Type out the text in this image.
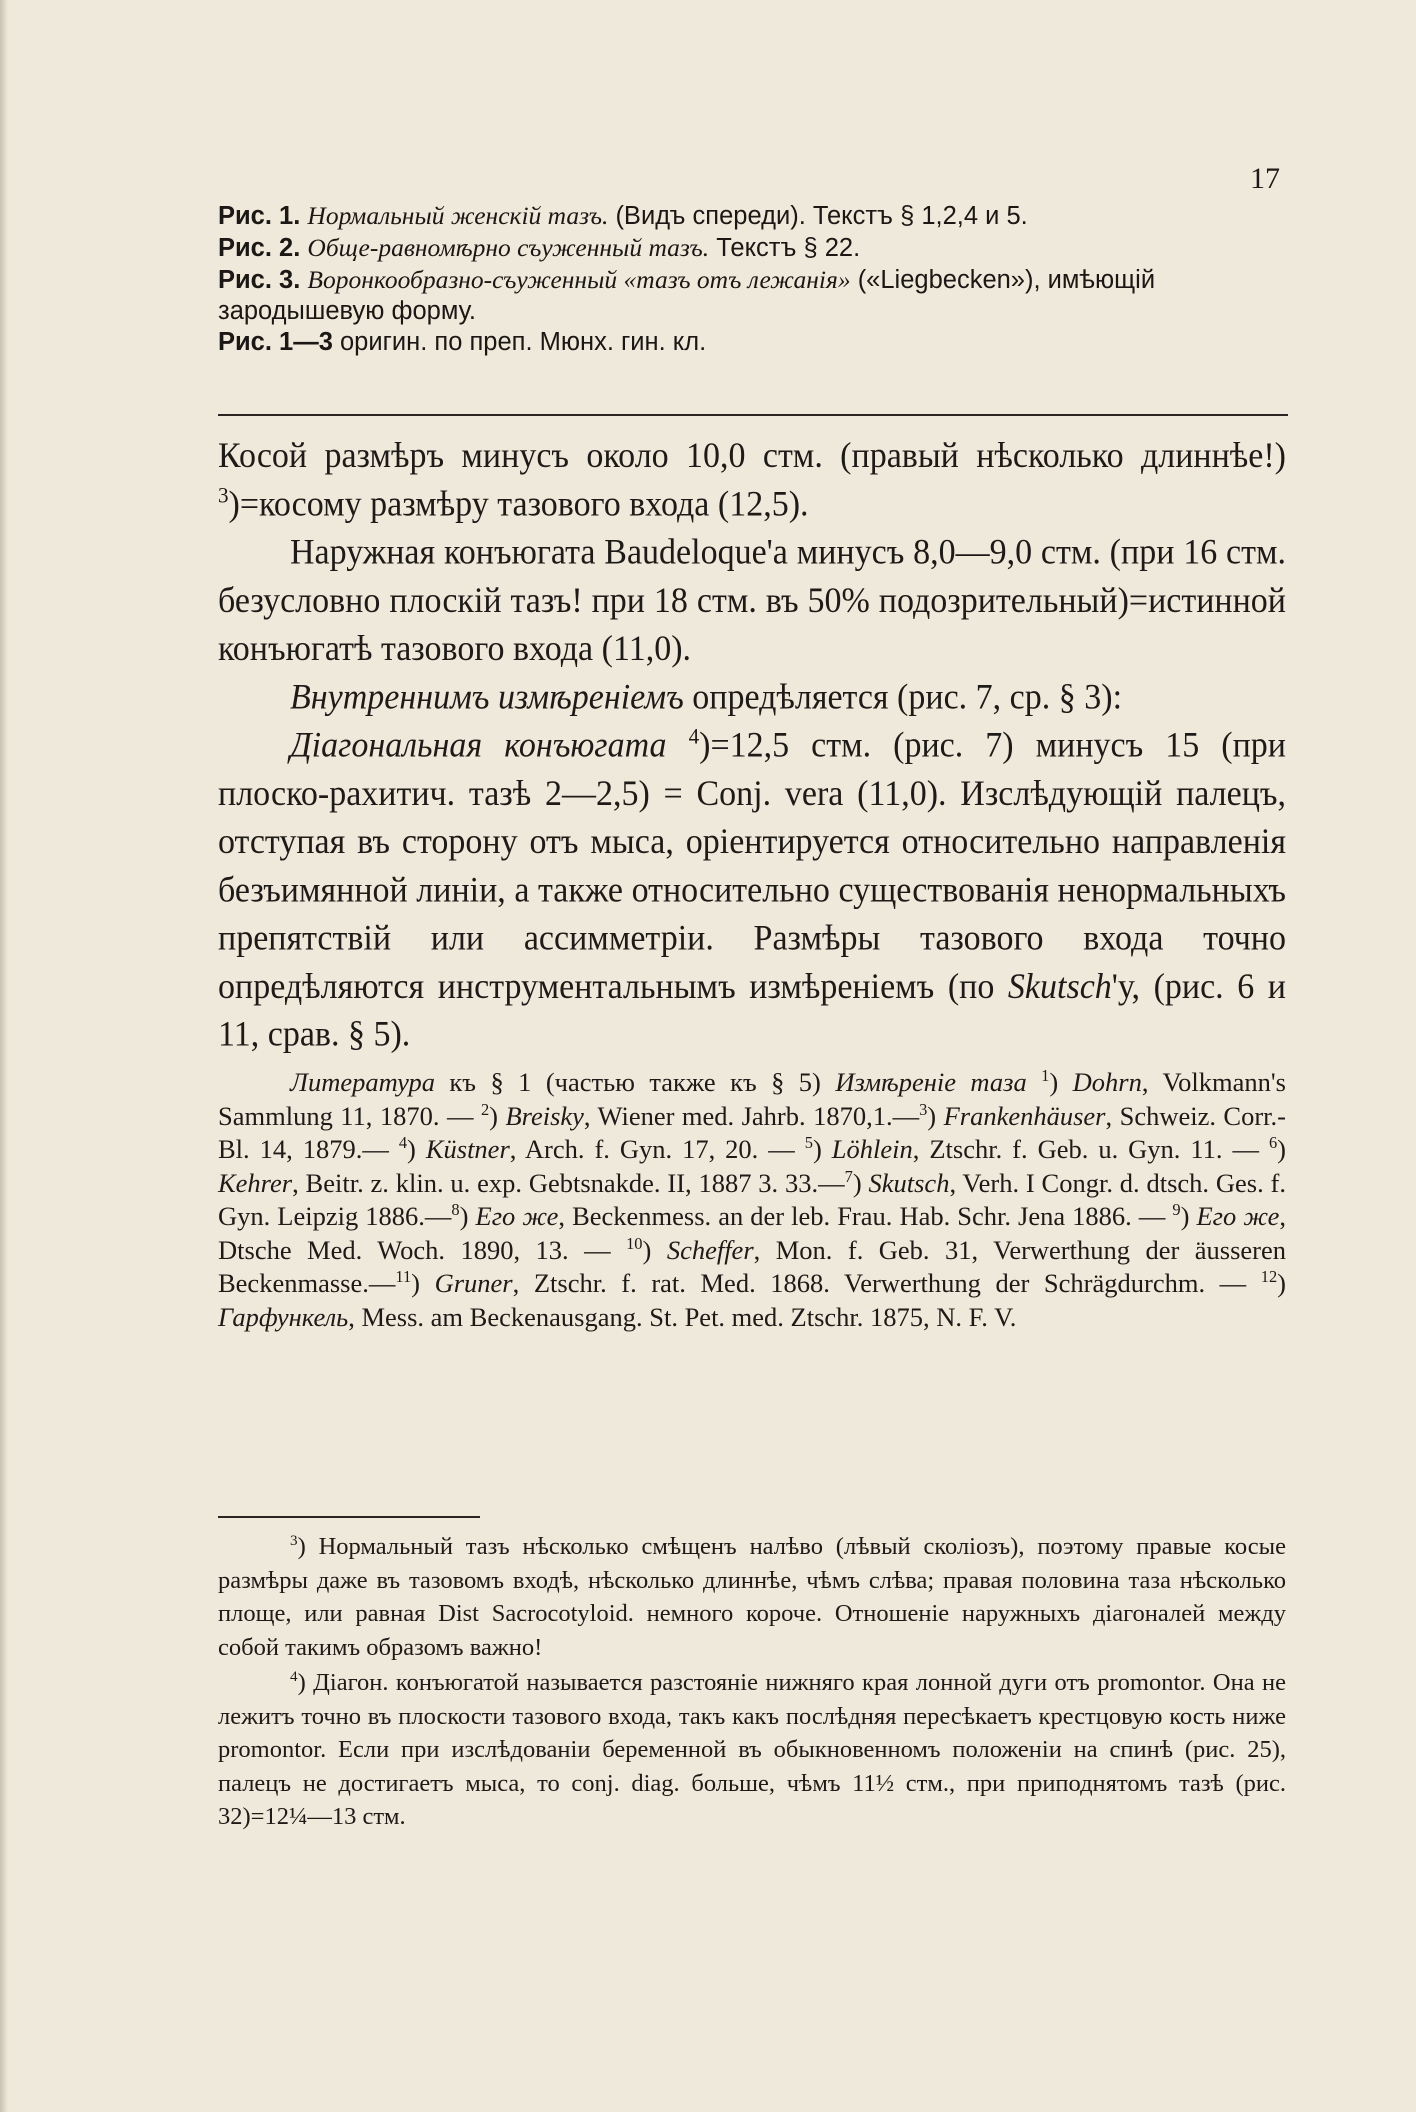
17

Рис. 1. Нормальный женскій тазъ. (Видъ спереди). Текстъ § 1,2,4 и 5.

Рис. 2. Обще-равномѣрно съуженный тазъ. Текстъ § 22.

Рис. 3. Воронкообразно-съуженный «тазъ отъ лежанія» («Liegbecken»), имѣющій зародышевую форму.

Рис. 1—3 оригин. по преп. Мюнх. гин. кл.

Косой размѣръ минусъ около 10,0 стм. (правый нѣсколько длиннѣе!) $^3$)=косому размѣру тазового входа (12,5).

Наружная конъюгата Baudeloque'а минусъ 8,0—9,0 стм. (при 16 стм. безусловно плоскій тазъ! при 18 стм. въ 50% подозрительный)=истинной конъюгатѣ тазового входа (11,0).

Внутреннимъ измѣреніемъ опредѣляется (рис. 7, ср. § 3):

Діагональная конъюгата $^4$)=12,5 стм. (рис. 7) минусъ 15 (при плоско-рахитич. тазѣ 2—2,5) = Conj. vera (11,0). Изслѣдующій палецъ, отступая въ сторону отъ мыса, оріентируется относительно направленія безъимянной линіи, а также относительно существованія ненормальныхъ препятствій или ассимметріи. Размѣры тазового входа точно опредѣляются инструментальнымъ измѣреніемъ (по Skutsch'у, (рис. 6 и 11, срав. § 5).

Литература къ § 1 (частью также къ § 5) Измѣреніе таза $^1$) Dohrn, Volkmann's Sammlung 11, 1870. — $^2$) Breisky, Wiener med. Jahrb. 1870,1.—$^3$) Frankenhäuser, Schweiz. Corr.-Bl. 14, 1879.— $^4$) Küstner, Arch. f. Gyn. 17, 20. — $^5$) Löhlein, Ztschr. f. Geb. u. Gyn. 11. — $^6$) Kehrer, Beitr. z. klin. u. exp. Gebtsnakde. II, 1887 3. 33.—$^7$) Skutsch, Verh. I Congr. d. dtsch. Ges. f. Gyn. Leipzig 1886.—$^8$) Его же, Beckenmess. an der leb. Frau. Hab. Schr. Jena 1886. — $^9$) Его же, Dtsche Med. Woch. 1890, 13. — $^{10}$) Scheffer, Mon. f. Geb. 31, Verwerthung der äusseren Beckenmasse.—$^{11}$) Gruner, Ztschr. f. rat. Med. 1868. Verwerthung der Schrägdurchm. — $^{12}$) Гарфункель, Mess. am Beckenausgang. St. Pet. med. Ztschr. 1875, N. F. V.

$^3$) Нормальный тазъ нѣсколько смѣщенъ налѣво (лѣвый сколіозъ), поэтому правые косые размѣры даже въ тазовомъ входѣ, нѣсколько длиннѣе, чѣмъ слѣва; правая половина таза нѣсколько площе, или равная Dist Sacrocotyloid. немного короче. Отношеніе наружныхъ діагоналей между собой такимъ образомъ важно!

$^4$) Діагон. конъюгатой называется разстояніе нижняго края лонной дуги отъ promontor. Она не лежитъ точно въ плоскости тазового входа, такъ какъ послѣдняя пересѣкаетъ крестцовую кость ниже promontor. Если при изслѣдованіи беременной въ обыкновенномъ положеніи на спинѣ (рис. 25), палецъ не достигаетъ мыса, то conj. diag. больше, чѣмъ 11½ стм., при приподнятомъ тазѣ (рис. 32)=12¼—13 стм.
